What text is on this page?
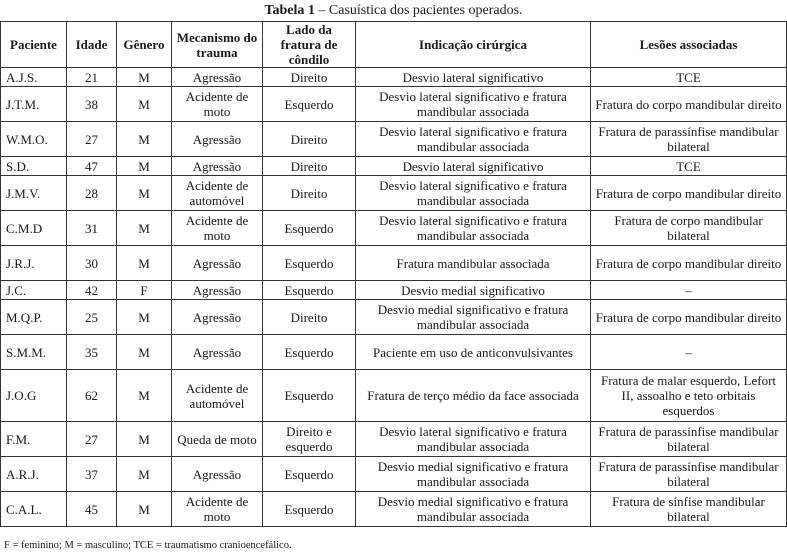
Tabela 1 – Casuística dos pacientes operados.
Paciente	Idade	Gênero	Mecanismo do trauma	Lado da fratura de côndilo	Indicação cirúrgica	Lesões associadas
A.J.S.	21	M	Agressão	Direito	Desvio lateral significativo	TCE
J.T.M.	38	M	Acidente de moto	Esquerdo	Desvio lateral significativo e fratura mandibular associada	Fratura do corpo mandibular direito
W.M.O.	27	M	Agressão	Direito	Desvio lateral significativo e fratura mandibular associada	Fratura de parassínfise mandibular bilateral
S.D.	47	M	Agressão	Direito	Desvio lateral significativo	TCE
J.M.V.	28	M	Acidente de automóvel	Direito	Desvio lateral significativo e fratura mandibular associada	Fratura de corpo mandibular direito
C.M.D	31	M	Acidente de moto	Esquerdo	Desvio lateral significativo e fratura mandibular associada	Fratura de corpo mandibular bilateral
J.R.J.	30	M	Agressão	Esquerdo	Fratura mandibular associada	Fratura de corpo mandibular direito
J.C.	42	F	Agressão	Esquerdo	Desvio medial significativo	–
M.Q.P.	25	M	Agressão	Direito	Desvio medial significativo e fratura mandibular associada	Fratura de corpo mandibular direito
S.M.M.	35	M	Agressão	Esquerdo	Paciente em uso de anticonvulsivantes	–
J.O.G	62	M	Acidente de automóvel	Esquerdo	Fratura de terço médio da face associada	Fratura de malar esquerdo, Lefort II, assoalho e teto orbitais esquerdos
F.M.	27	M	Queda de moto	Direito e esquerdo	Desvio lateral significativo e fratura mandibular associada	Fratura de parassínfise mandibular bilateral
A.R.J.	37	M	Agressão	Esquerdo	Desvio medial significativo e fratura mandibular associada	Fratura de parassínfise mandibular bilateral
C.A.L.	45	M	Acidente de moto	Esquerdo	Desvio medial significativo e fratura mandibular associada	Fratura de sínfise mandibular bilateral
F = feminino; M = masculino; TCE = traumatismo cranioencefálico.
